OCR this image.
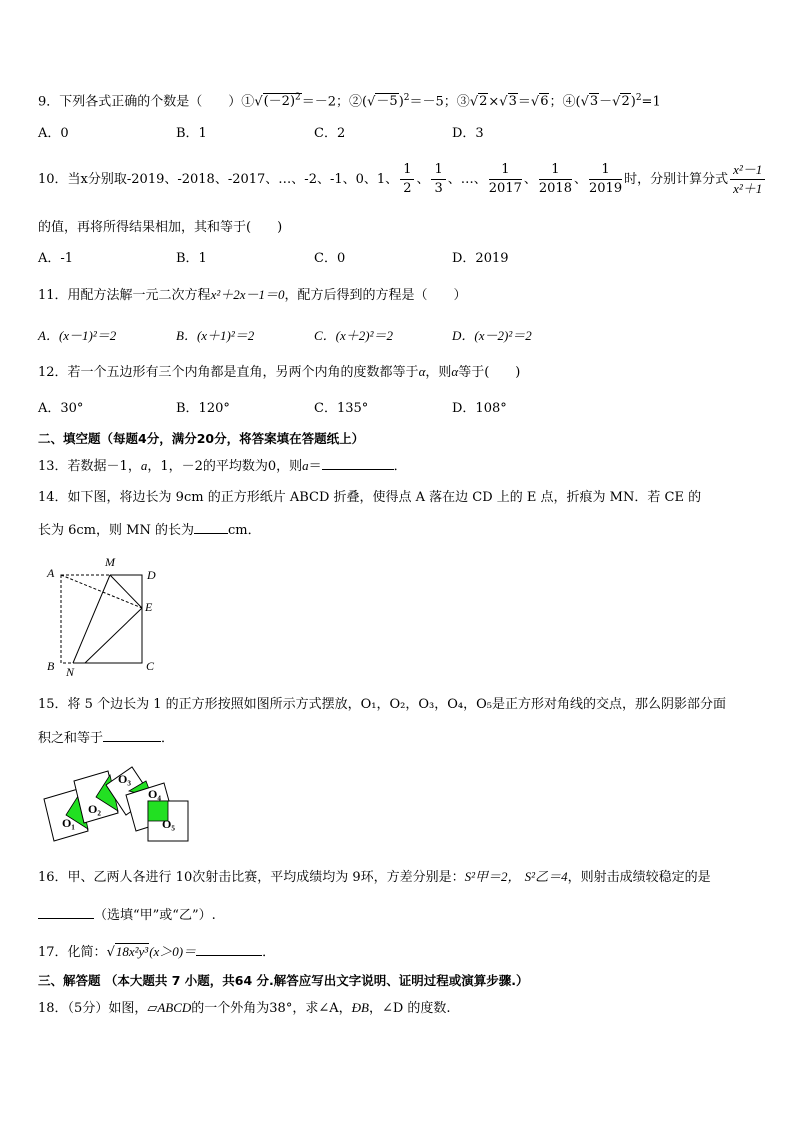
9．下列各式正确的个数是（　　）$①√(-2)^2=-2$；$②(√-5)^2=-5$；③√2×√3＝√6；$④(√3-√2)^2=1$
A．0	B．1	C．2	D．3
10．当x分别取-2019、-2018、-2017、…、-2、-1、0、1、 $\frac{1}{2}$ 、 $\frac{1}{3}$ 、…、 $\frac{1}{2017}$ 、 $\frac{1}{2018}$ 、 $\frac{1}{2019}$ 时，分别计算分式 $\frac{\text{x²－1}}{\text{x²＋1}}$
的值，再将所得结果相加，其和等于(　　)
A．-1	B．1	C．0	D．2019
11．用配方法解一元二次方程x²＋2x－1＝0，配方后得到的方程是（　　）
A．(x－1)²＝2	B．(x＋1)²＝2	C．(x＋2)²＝2	D．(x－2)²＝2
12．若一个五边形有三个内角都是直角，另两个内角的度数都等于α，则α等于(　　)
A．30°	B．120°	C．135°	D．108°
二、填空题（每题4分，满分20分，将答案填在答题纸上）
13．若数据－1，a，1，－2的平均数为0，则a＝	．
14．如下图，将边长为 9cm 的正方形纸片 ABCD 折叠，使得点 A 落在边 CD 上的 E 点，折痕为 MN．若 CE 的
长为 6cm，则 MN 的长为	cm．
A
M
D
E
B N	C
15．将 5 个边长为 1 的正方形按照如图所示方式摆放，O₁，O₂，O₃，O₄，O₅是正方形对角线的交点，那么阴影部分面
积之和等于	．
O₁
O₂
O₃
O₄
O₅
16．甲、乙两人各进行 10次射击比赛，平均成绩均为 9环，方差分别是：S²甲＝2， S²乙＝4，则射击成绩较稳定的是
（选填“甲”或“乙”）.
17．化简：√18x²y³(x＞0)＝	．
三、解答题 （本大题共 7 小题，共64 分.解答应写出文字说明、证明过程或演算步骤.）
18．（5分）如图，▱ABCD的一个外角为38°，求∠A，ÐB，∠D 的度数.
